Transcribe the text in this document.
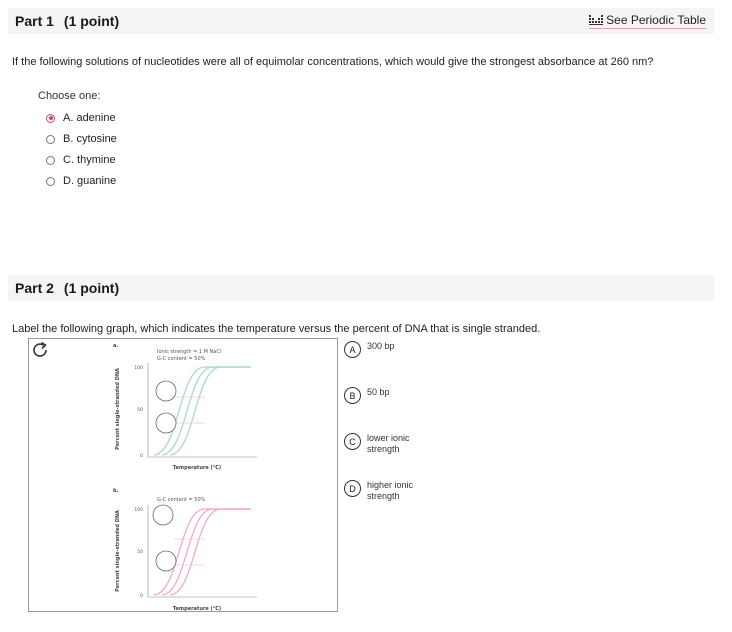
Part 1 (1 point)	See Periodic Table
If the following solutions of nucleotides were all of equimolar concentrations, which would give the strongest absorbance at 260 nm?
Choose one:
A. adenine
B. cytosine
C. thymine
D. guanine
Part 2 (1 point)
Label the following graph, which indicates the temperature versus the percent of DNA that is single stranded.
a.
Percent single-stranded DNA
Ionic strength = 1 M NaCl
G-C content = 50%
100
50
0
Temperature (°C)
b.
Percent single-stranded DNA
G-C content = 50%
100
50
0
Temperature (°C)
A	300 bp
B	50 bp
C	lower ionic strength
D	higher ionic strength
